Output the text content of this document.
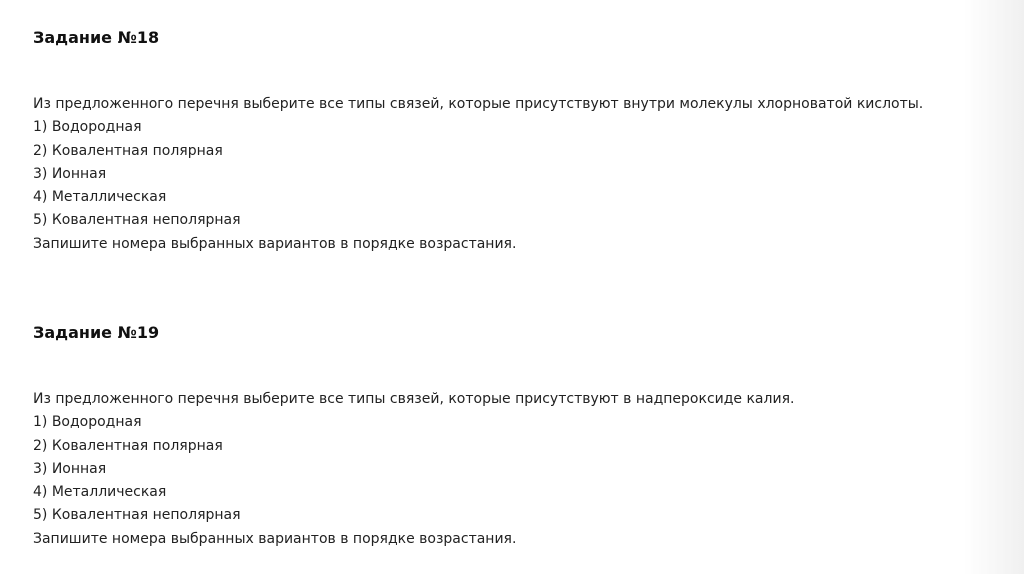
Задание №18
Из предложенного перечня выберите все типы связей, которые присутствуют внутри молекулы хлорноватой кислоты.
1) Водородная
2) Ковалентная полярная
3) Ионная
4) Металлическая
5) Ковалентная неполярная
Запишите номера выбранных вариантов в порядке возрастания.
Задание №19
Из предложенного перечня выберите все типы связей, которые присутствуют в надпероксиде калия.
1) Водородная
2) Ковалентная полярная
3) Ионная
4) Металлическая
5) Ковалентная неполярная
Запишите номера выбранных вариантов в порядке возрастания.
